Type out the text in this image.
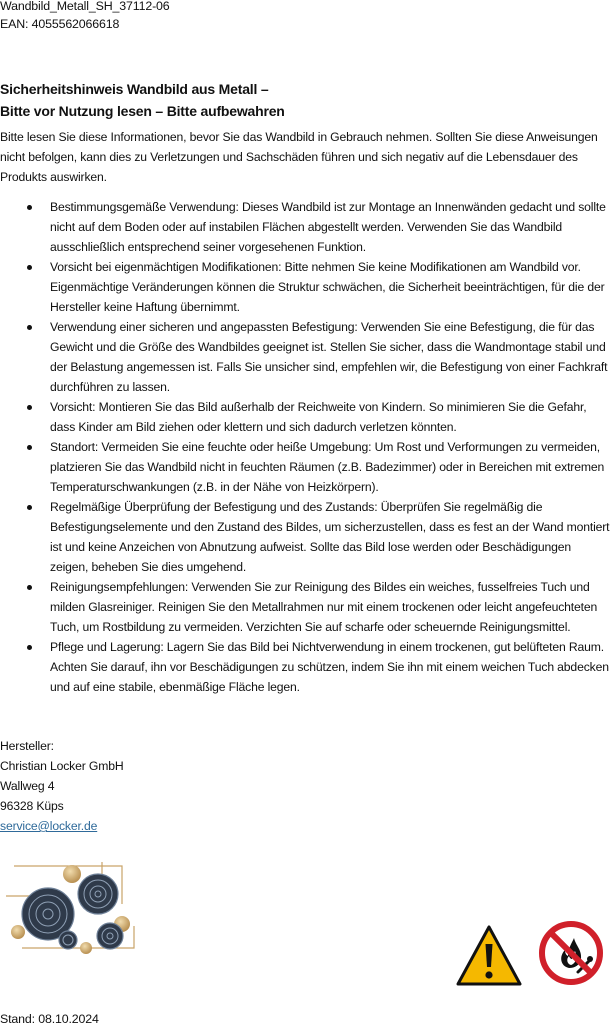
Wandbild_Metall_SH_37112-06
EAN: 4055562066618
Sicherheitshinweis Wandbild aus Metall –
Bitte vor Nutzung lesen – Bitte aufbewahren
Bitte lesen Sie diese Informationen, bevor Sie das Wandbild in Gebrauch nehmen. Sollten Sie diese Anweisungen nicht befolgen, kann dies zu Verletzungen und Sachschäden führen und sich negativ auf die Lebensdauer des Produkts auswirken.
Bestimmungsgemäße Verwendung: Dieses Wandbild ist zur Montage an Innenwänden gedacht und sollte nicht auf dem Boden oder auf instabilen Flächen abgestellt werden. Verwenden Sie das Wandbild ausschließlich entsprechend seiner vorgesehenen Funktion.
Vorsicht bei eigenmächtigen Modifikationen: Bitte nehmen Sie keine Modifikationen am Wandbild vor. Eigenmächtige Veränderungen können die Struktur schwächen, die Sicherheit beeinträchtigen, für die der Hersteller keine Haftung übernimmt.
Verwendung einer sicheren und angepassten Befestigung: Verwenden Sie eine Befestigung, die für das Gewicht und die Größe des Wandbildes geeignet ist. Stellen Sie sicher, dass die Wandmontage stabil und der Belastung angemessen ist. Falls Sie unsicher sind, empfehlen wir, die Befestigung von einer Fachkraft durchführen zu lassen.
Vorsicht: Montieren Sie das Bild außerhalb der Reichweite von Kindern. So minimieren Sie die Gefahr, dass Kinder am Bild ziehen oder klettern und sich dadurch verletzen könnten.
Standort: Vermeiden Sie eine feuchte oder heiße Umgebung: Um Rost und Verformungen zu vermeiden, platzieren Sie das Wandbild nicht in feuchten Räumen (z.B. Badezimmer) oder in Bereichen mit extremen Temperaturschwankungen (z.B. in der Nähe von Heizkörpern).
Regelmäßige Überprüfung der Befestigung und des Zustands: Überprüfen Sie regelmäßig die Befestigungselemente und den Zustand des Bildes, um sicherzustellen, dass es fest an der Wand montiert ist und keine Anzeichen von Abnutzung aufweist. Sollte das Bild lose werden oder Beschädigungen zeigen, beheben Sie dies umgehend.
Reinigungsempfehlungen: Verwenden Sie zur Reinigung des Bildes ein weiches, fusselfreies Tuch und milden Glasreiniger. Reinigen Sie den Metallrahmen nur mit einem trockenen oder leicht angefeuchteten Tuch, um Rostbildung zu vermeiden. Verzichten Sie auf scharfe oder scheuernde Reinigungsmittel.
Pflege und Lagerung: Lagern Sie das Bild bei Nichtverwendung in einem trockenen, gut belüfteten Raum. Achten Sie darauf, ihn vor Beschädigungen zu schützen, indem Sie ihn mit einem weichen Tuch abdecken und auf eine stabile, ebenmäßige Fläche legen.
Hersteller:
Christian Locker GmbH
Wallweg 4
96328 Küps
service@locker.de
Stand: 08.10.2024
